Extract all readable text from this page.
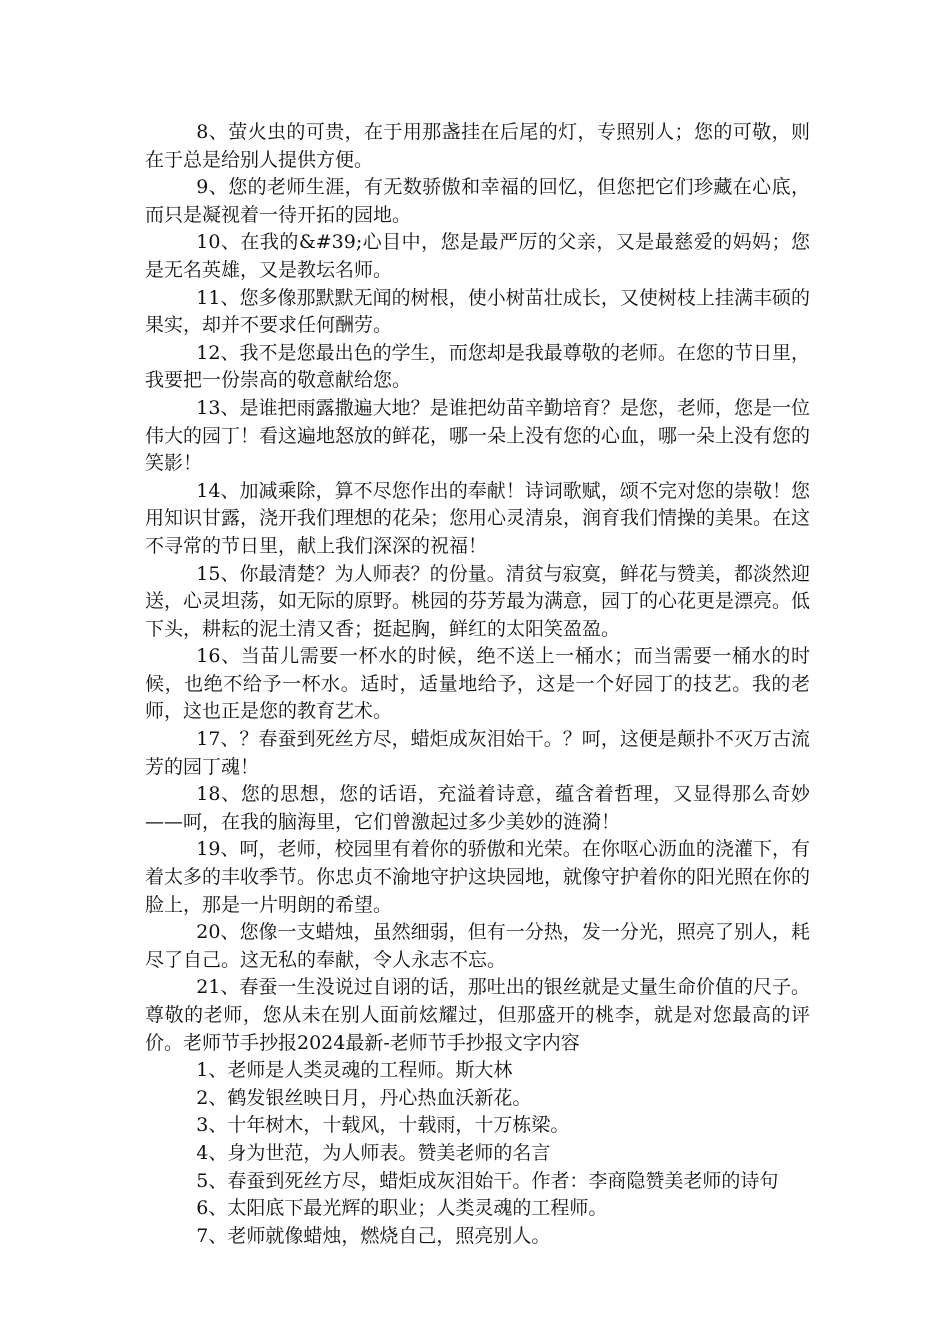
8、萤火虫的可贵，在于用那盏挂在后尾的灯，专照别人；您的可敬，则在于总是给别人提供方便。

9、您的老师生涯，有无数骄傲和幸福的回忆，但您把它们珍藏在心底，而只是凝视着一待开拓的园地。

10、在我的&#39;心目中，您是最严厉的父亲，又是最慈爱的妈妈；您是无名英雄，又是教坛名师。

11、您多像那默默无闻的树根，使小树苗壮成长，又使树枝上挂满丰硕的果实，却并不要求任何酬劳。

12、我不是您最出色的学生，而您却是我最尊敬的老师。在您的节日里，我要把一份崇高的敬意献给您。

13、是谁把雨露撒遍大地？是谁把幼苗辛勤培育？是您，老师，您是一位伟大的园丁！看这遍地怒放的鲜花，哪一朵上没有您的心血，哪一朵上没有您的笑影！

14、加减乘除，算不尽您作出的奉献！诗词歌赋，颂不完对您的崇敬！您用知识甘露，浇开我们理想的花朵；您用心灵清泉，润育我们情操的美果。在这不寻常的节日里，献上我们深深的祝福！

15、你最清楚？为人师表？的份量。清贫与寂寞，鲜花与赞美，都淡然迎送，心灵坦荡，如无际的原野。桃园的芬芳最为满意，园丁的心花更是漂亮。低下头，耕耘的泥土清又香；挺起胸，鲜红的太阳笑盈盈。

16、当苗儿需要一杯水的时候，绝不送上一桶水；而当需要一桶水的时候，也绝不给予一杯水。适时，适量地给予，这是一个好园丁的技艺。我的老师，这也正是您的教育艺术。

17、？春蚕到死丝方尽，蜡炬成灰泪始干。？呵，这便是颠扑不灭万古流芳的园丁魂！

18、您的思想，您的话语，充溢着诗意，蕴含着哲理，又显得那么奇妙——呵，在我的脑海里，它们曾激起过多少美妙的涟漪！

19、呵，老师，校园里有着你的骄傲和光荣。在你呕心沥血的浇灌下，有着太多的丰收季节。你忠贞不渝地守护这块园地，就像守护着你的阳光照在你的脸上，那是一片明朗的希望。

20、您像一支蜡烛，虽然细弱，但有一分热，发一分光，照亮了别人，耗尽了自己。这无私的奉献，令人永志不忘。

21、春蚕一生没说过自诩的话，那吐出的银丝就是丈量生命价值的尺子。尊敬的老师，您从未在别人面前炫耀过，但那盛开的桃李，就是对您最高的评价。老师节手抄报2024最新-老师节手抄报文字内容

1、老师是人类灵魂的工程师。斯大林

2、鹤发银丝映日月，丹心热血沃新花。

3、十年树木，十载风，十载雨，十万栋梁。

4、身为世范，为人师表。赞美老师的名言

5、春蚕到死丝方尽，蜡炬成灰泪始干。作者：李商隐赞美老师的诗句

6、太阳底下最光辉的职业；人类灵魂的工程师。

7、老师就像蜡烛，燃烧自己，照亮别人。
